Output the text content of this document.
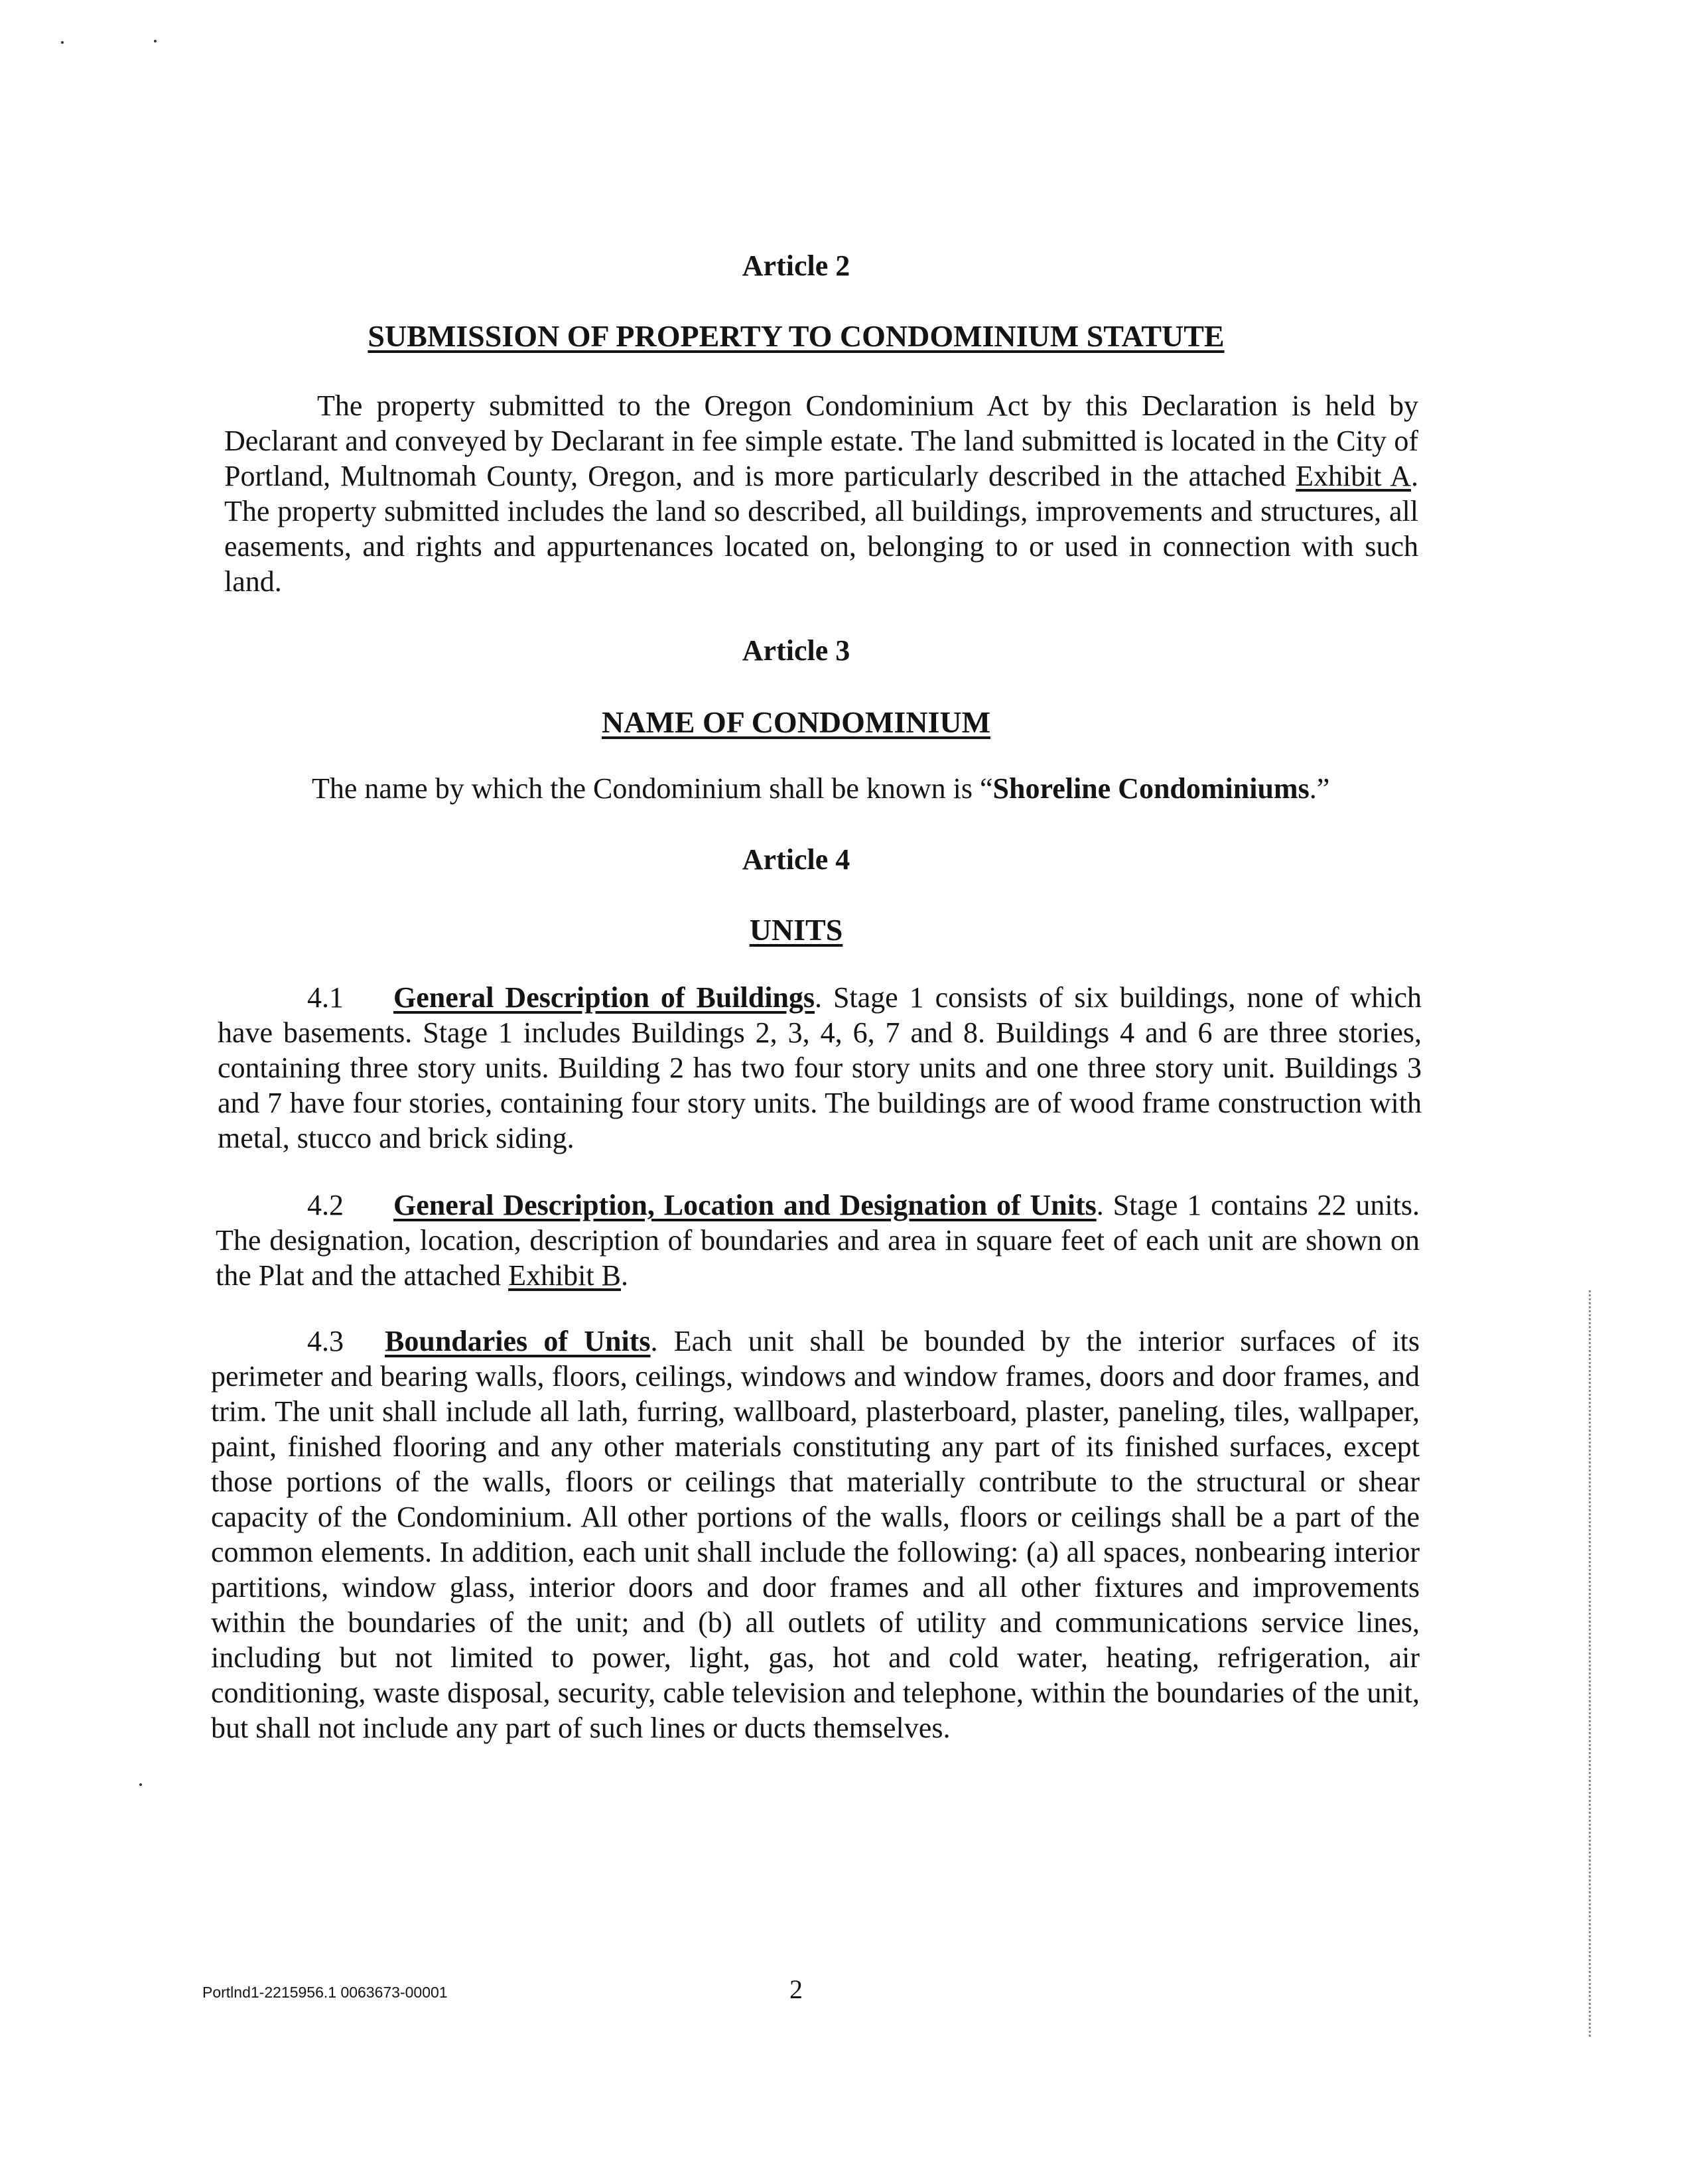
Article 2
SUBMISSION OF PROPERTY TO CONDOMINIUM STATUTE
The property submitted to the Oregon Condominium Act by this Declaration is held by Declarant and conveyed by Declarant in fee simple estate. The land submitted is located in the City of Portland, Multnomah County, Oregon, and is more particularly described in the attached Exhibit A. The property submitted includes the land so described, all buildings, improvements and structures, all easements, and rights and appurtenances located on, belonging to or used in connection with such land.
Article 3
NAME OF CONDOMINIUM
The name by which the Condominium shall be known is “Shoreline Condominiums.”
Article 4
UNITS
4.1 General Description of Buildings. Stage 1 consists of six buildings, none of which have basements. Stage 1 includes Buildings 2, 3, 4, 6, 7 and 8. Buildings 4 and 6 are three stories, containing three story units. Building 2 has two four story units and one three story unit. Buildings 3 and 7 have four stories, containing four story units. The buildings are of wood frame construction with metal, stucco and brick siding.
4.2 General Description, Location and Designation of Units. Stage 1 contains 22 units. The designation, location, description of boundaries and area in square feet of each unit are shown on the Plat and the attached Exhibit B.
4.3 Boundaries of Units. Each unit shall be bounded by the interior surfaces of its perimeter and bearing walls, floors, ceilings, windows and window frames, doors and door frames, and trim. The unit shall include all lath, furring, wallboard, plasterboard, plaster, paneling, tiles, wallpaper, paint, finished flooring and any other materials constituting any part of its finished surfaces, except those portions of the walls, floors or ceilings that materially contribute to the structural or shear capacity of the Condominium. All other portions of the walls, floors or ceilings shall be a part of the common elements. In addition, each unit shall include the following: (a) all spaces, nonbearing interior partitions, window glass, interior doors and door frames and all other fixtures and improvements within the boundaries of the unit; and (b) all outlets of utility and communications service lines, including but not limited to power, light, gas, hot and cold water, heating, refrigeration, air conditioning, waste disposal, security, cable television and telephone, within the boundaries of the unit, but shall not include any part of such lines or ducts themselves.
Portlnd1-2215956.1 0063673-00001	2
